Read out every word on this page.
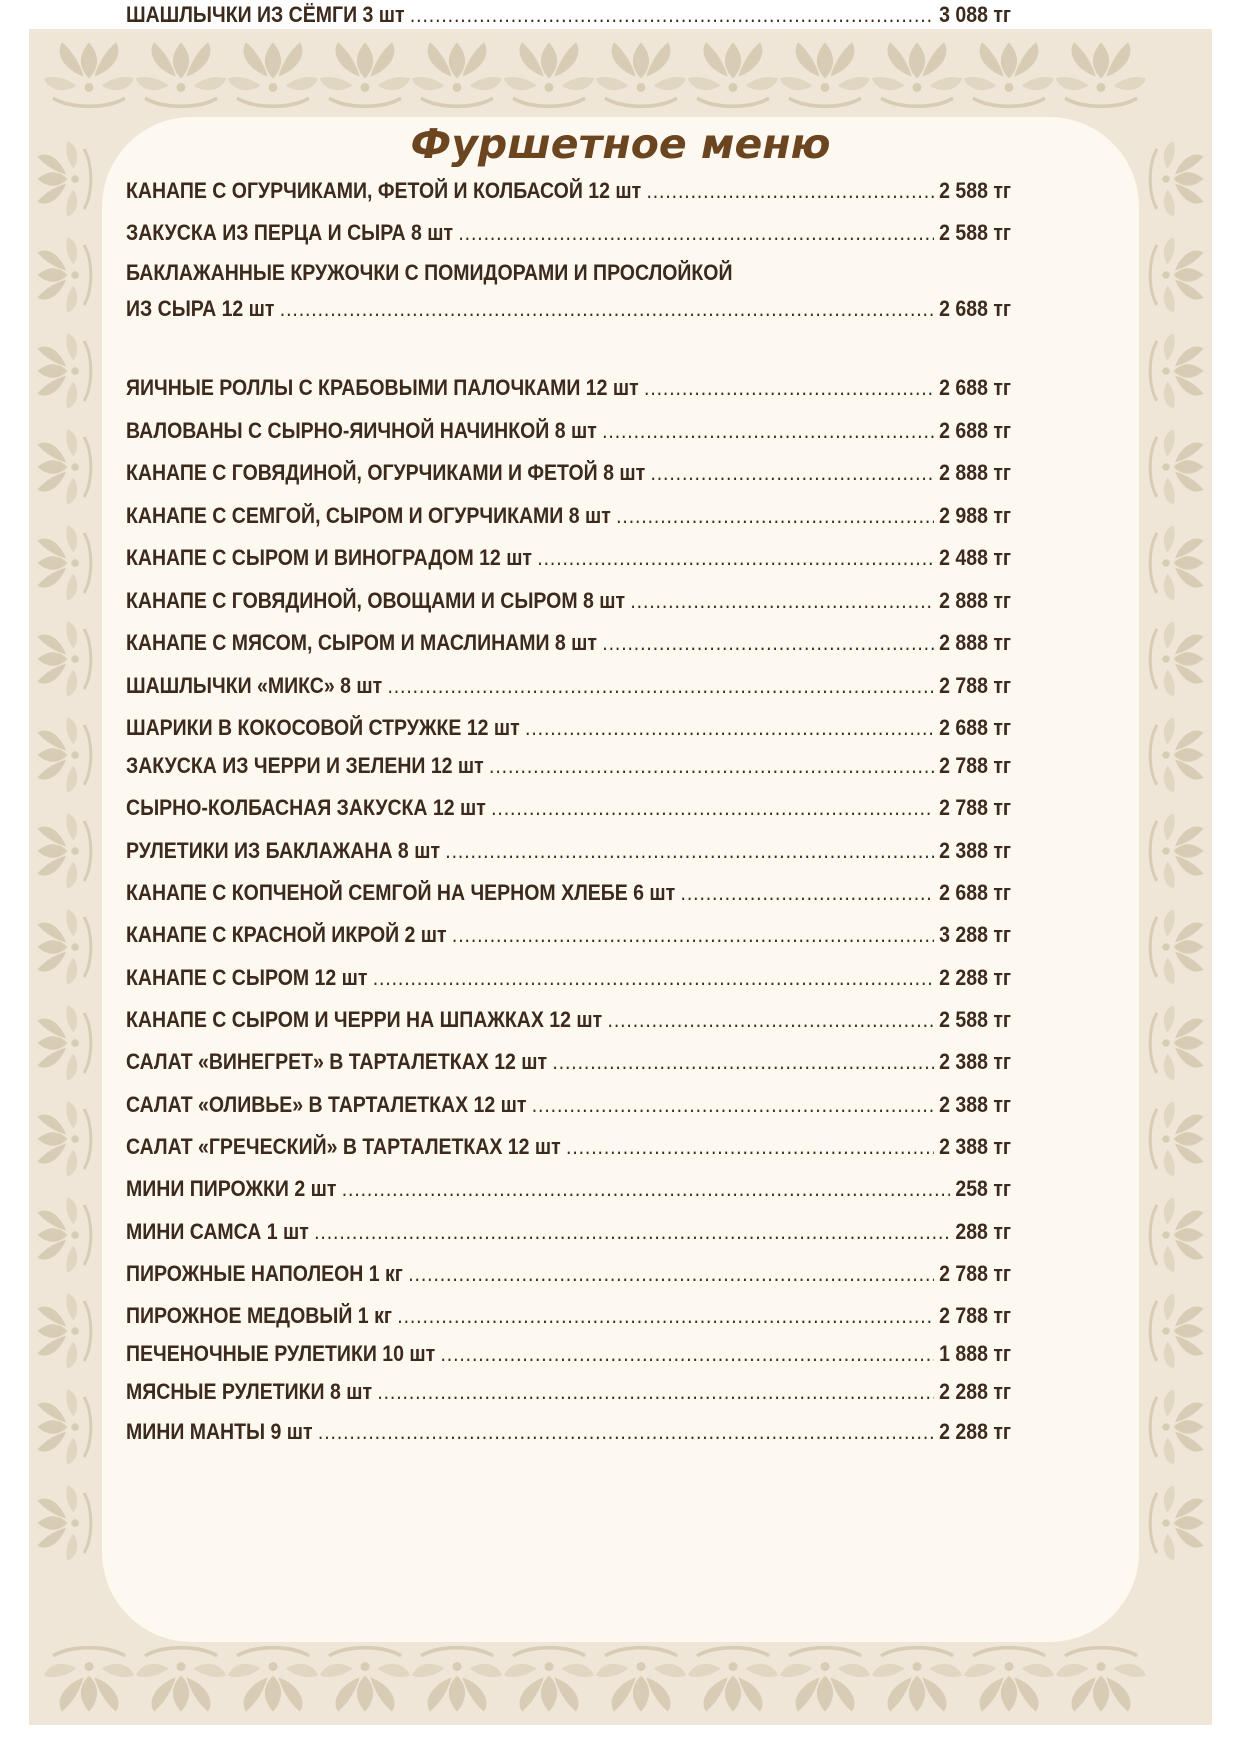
Фуршетное меню
КАНАПЕ С ОГУРЧИКАМИ, ФЕТОЙ И КОЛБАСОЙ 12 шт .....	2 588 тг
ЗАКУСКА ИЗ ПЕРЦА И СЫРА 8 шт .....	2 588 тг
БАКЛАЖАННЫЕ КРУЖОЧКИ С ПОМИДОРАМИ И ПРОСЛОЙКОЙ
ИЗ СЫРА 12 шт .....	2 688 тг
ЯИЧНЫЕ РОЛЛЫ С КРАБОВЫМИ ПАЛОЧКАМИ 12 шт .....	2 688 тг
ВАЛОВАНЫ С СЫРНО-ЯИЧНОЙ НАЧИНКОЙ 8 шт .....	2 688 тг
КАНАПЕ С ГОВЯДИНОЙ, ОГУРЧИКАМИ И ФЕТОЙ 8 шт .....	2 888 тг
КАНАПЕ С СЕМГОЙ, СЫРОМ И ОГУРЧИКАМИ 8 шт .....	2 988 тг
КАНАПЕ С СЫРОМ И ВИНОГРАДОМ 12 шт .....	2 488 тг
КАНАПЕ С ГОВЯДИНОЙ, ОВОЩАМИ И СЫРОМ 8 шт .....	2 888 тг
КАНАПЕ С МЯСОМ, СЫРОМ И МАСЛИНАМИ 8 шт .....	2 888 тг
ШАШЛЫЧКИ «МИКС» 8 шт .....	2 788 тг
ШАРИКИ В КОКОСОВОЙ СТРУЖКЕ 12 шт .....	2 688 тг
ЗАКУСКА ИЗ ЧЕРРИ И ЗЕЛЕНИ 12 шт .....	2 788 тг
СЫРНО-КОЛБАСНАЯ ЗАКУСКА 12 шт .....	2 788 тг
РУЛЕТИКИ ИЗ БАКЛАЖАНА 8 шт .....	2 388 тг
КАНАПЕ С КОПЧЕНОЙ СЕМГОЙ НА ЧЕРНОМ ХЛЕБЕ 6 шт .....	2 688 тг
КАНАПЕ С КРАСНОЙ ИКРОЙ 2 шт .....	3 288 тг
КАНАПЕ С СЫРОМ 12 шт .....	2 288 тг
КАНАПЕ С СЫРОМ И ЧЕРРИ НА ШПАЖКАХ 12 шт .....	2 588 тг
САЛАТ «ВИНЕГРЕТ» В ТАРТАЛЕТКАХ 12 шт .....	2 388 тг
САЛАТ «ОЛИВЬЕ» В ТАРТАЛЕТКАХ 12 шт .....	2 388 тг
САЛАТ «ГРЕЧЕСКИЙ» В ТАРТАЛЕТКАХ 12 шт .....	2 388 тг
МИНИ ПИРОЖКИ 2 шт .....	258 тг
МИНИ САМСА 1 шт .....	288 тг
ПИРОЖНЫЕ НАПОЛЕОН 1 кг .....	2 788 тг
ПИРОЖНОЕ МЕДОВЫЙ 1 кг .....	2 788 тг
ПЕЧЕНОЧНЫЕ РУЛЕТИКИ 10 шт .....	1 888 тг
МЯСНЫЕ РУЛЕТИКИ 8 шт .....	2 288 тг
МИНИ МАНТЫ 9 шт .....	2 288 тг
ШАШЛЫЧКИ ИЗ СЁМГИ 3 шт .....	3 088 тг
